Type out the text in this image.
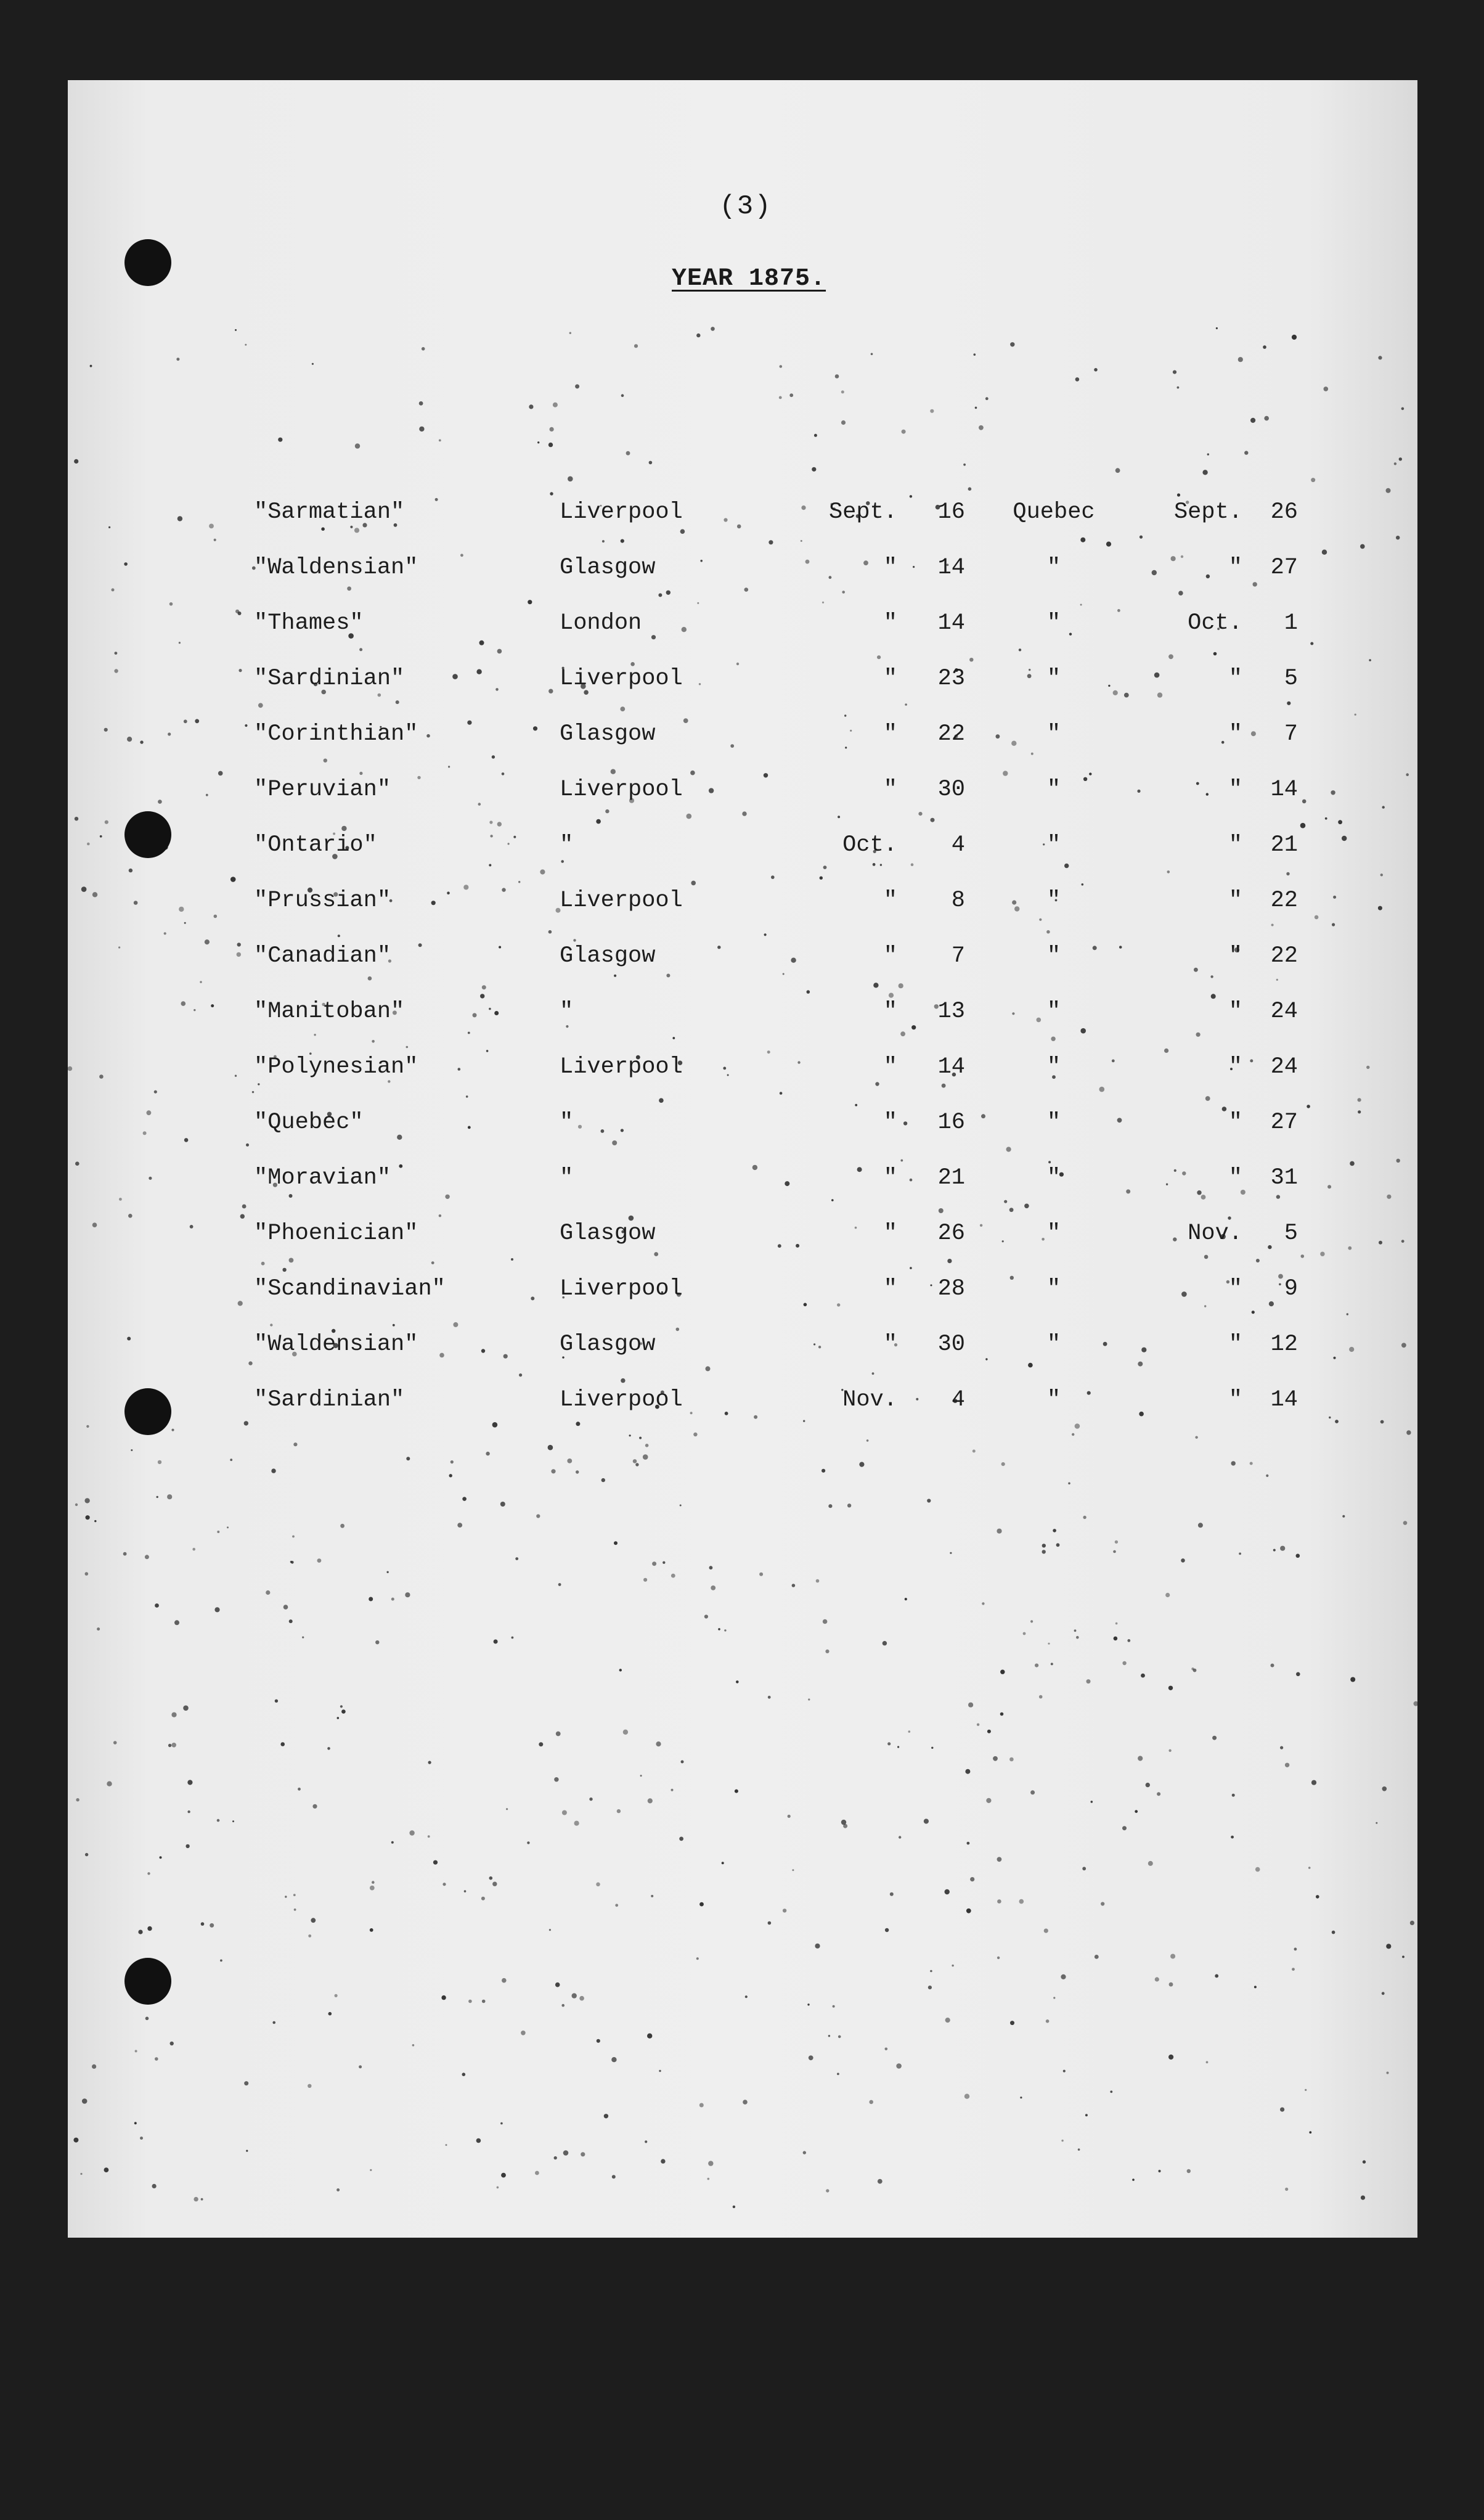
(3)
YEAR 1875.
"Sarmatian"	Liverpool	Sept.	16	Quebec	Sept.	26
"Waldensian"	Glasgow	"	14	"	"	27
"Thames"	London	"	14	"	Oct.	1
"Sardinian"	Liverpool	"	23	"	"	5
"Corinthian"	Glasgow	"	22	"	"	7
"Peruvian"	Liverpool	"	30	"	"	14
"Ontario"	"	Oct.	4	"	"	21
"Prussian"	Liverpool	"	8	"	"	22
"Canadian"	Glasgow	"	7	"	"	22
"Manitoban"	"	"	13	"	"	24
"Polynesian"	Liverpool	"	14	"	"	24
"Quebec"	"	"	16	"	"	27
"Moravian"	"	"	21	"	"	31
"Phoenician"	Glasgow	"	26	"	Nov.	5
"Scandinavian"	Liverpool	"	28	"	"	9
"Waldensian"	Glasgow	"	30	"	"	12
"Sardinian"	Liverpool	Nov.	4	"	"	14
